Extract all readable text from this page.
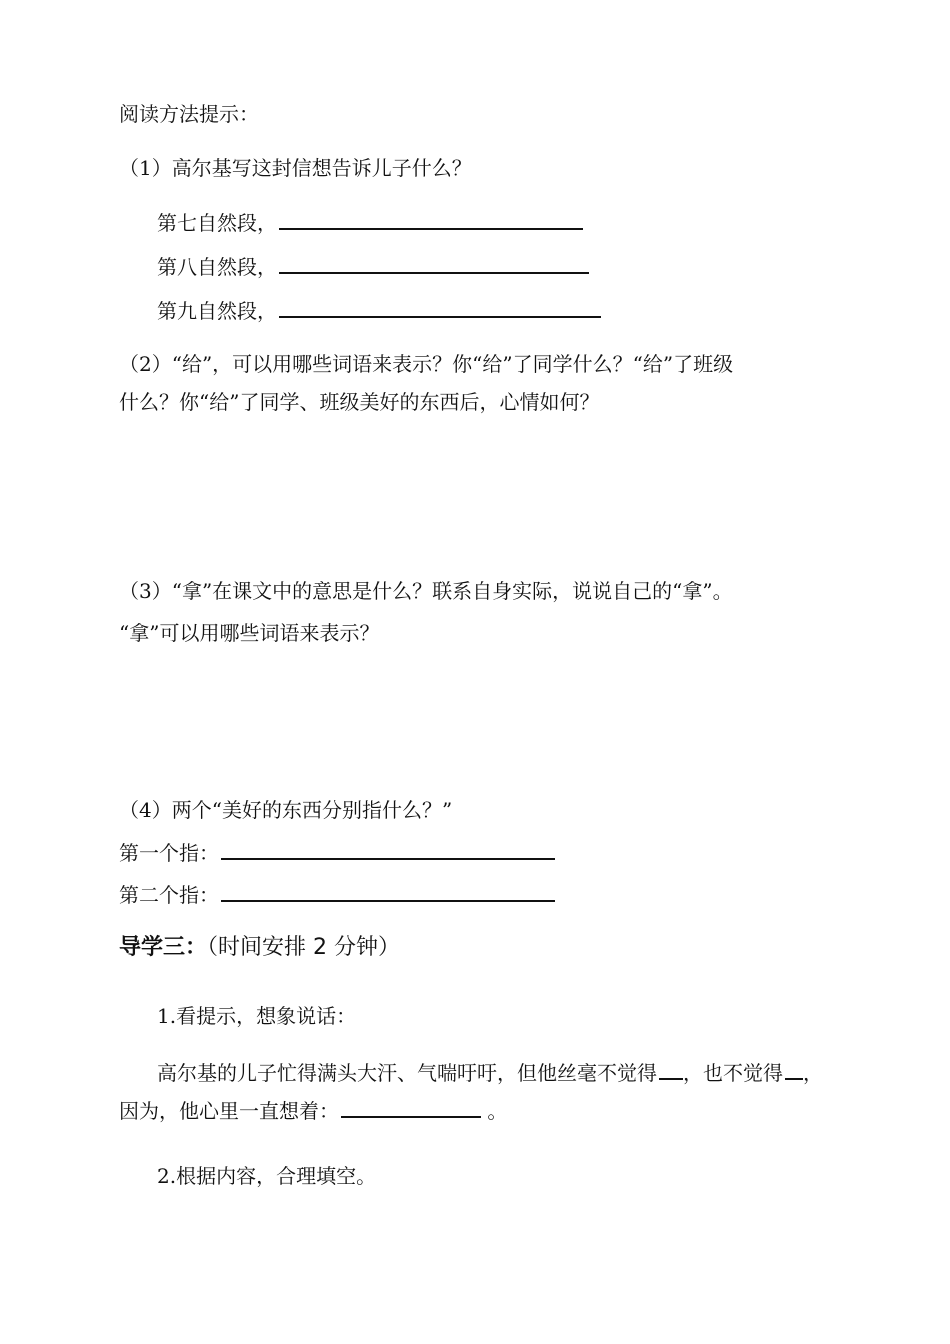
阅读方法提示：
（1）高尔基写这封信想告诉儿子什么？
第七自然段，
第八自然段，
第九自然段，
（2）“给”，可以用哪些词语来表示？你“给”了同学什么？“给”了班级
什么？你“给”了同学、班级美好的东西后，心情如何？
（3）“拿”在课文中的意思是什么？联系自身实际，说说自己的“拿”。
“拿”可以用哪些词语来表示？
（4）两个“美好的东西分别指什么？”
第一个指：
第二个指：
导学三：（时间安排 2 分钟）
1.看提示，想象说话：
高尔基的儿子忙得满头大汗、气喘吁吁，但他丝毫不觉得 ，也不觉得 ，
因为，他心里一直想着：	。
2.根据内容，合理填空。
